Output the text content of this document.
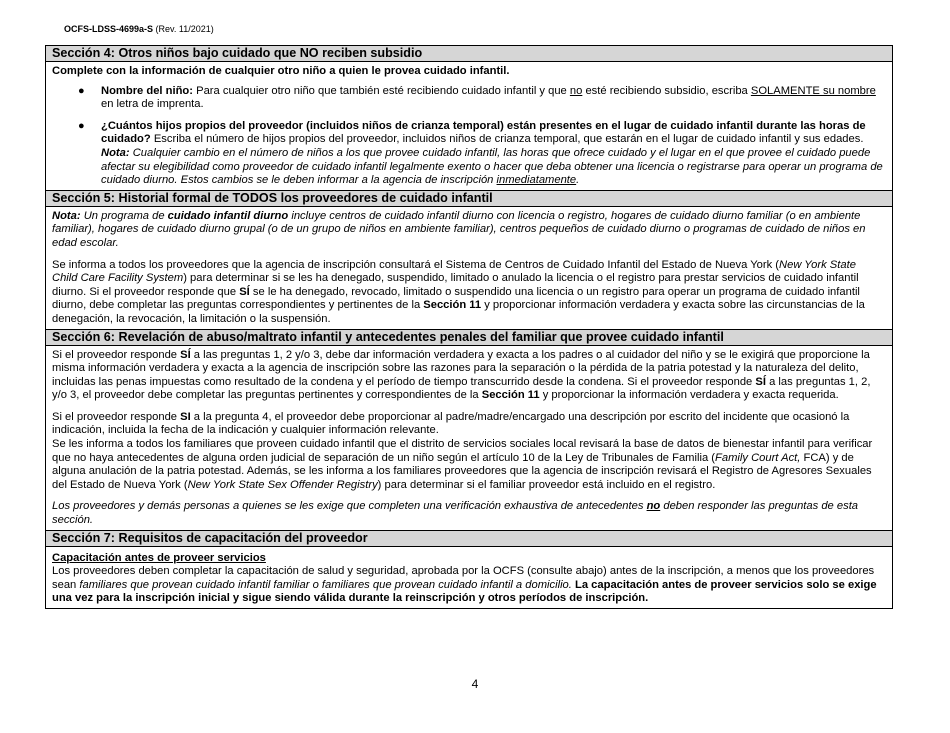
OCFS-LDSS-4699a-S (Rev. 11/2021)
Sección 4: Otros niños bajo cuidado que NO reciben subsidio

Complete con la información de cualquier otro niño a quien le provea cuidado infantil.

● Nombre del niño: Para cualquier otro niño que también esté recibiendo cuidado infantil y que no esté recibiendo subsidio, escriba SOLAMENTE su nombre en letra de imprenta.
● ¿Cuántos hijos propios del proveedor (incluidos niños de crianza temporal) están presentes en el lugar de cuidado infantil durante las horas de cuidado? Escriba el número de hijos propios del proveedor, incluidos niños de crianza temporal, que estarán en el lugar de cuidado infantil y sus edades.

Nota: Cualquier cambio en el número de niños a los que provee cuidado infantil, las horas que ofrece cuidado y el lugar en el que provee el cuidado puede afectar su elegibilidad como proveedor de cuidado infantil legalmente exento o hacer que deba obtener una licencia o registrarse para operar un programa de cuidado diurno. Estos cambios se le deben informar a la agencia de inscripción inmediatamente.

Sección 5: Historial formal de TODOS los proveedores de cuidado infantil

Nota: Un programa de cuidado infantil diurno incluye centros de cuidado infantil diurno con licencia o registro, hogares de cuidado diurno familiar (o en ambiente familiar), hogares de cuidado diurno grupal (o de un grupo de niños en ambiente familiar), centros pequeños de cuidado diurno o programas de cuidado de niños en edad escolar.

Se informa a todos los proveedores que la agencia de inscripción consultará el Sistema de Centros de Cuidado Infantil del Estado de Nueva York (New York State Child Care Facility System) para determinar si se les ha denegado, suspendido, limitado o anulado la licencia o el registro para prestar servicios de cuidado infantil diurno. Si el proveedor responde que SÍ se le ha denegado, revocado, limitado o suspendido una licencia o un registro para operar un programa de cuidado infantil diurno, debe completar las preguntas correspondientes y pertinentes de la Sección 11 y proporcionar información verdadera y exacta sobre las circunstancias de la denegación, la revocación, la limitación o la suspensión.

Sección 6: Revelación de abuso/maltrato infantil y antecedentes penales del familiar que provee cuidado infantil

Si el proveedor responde SÍ a las preguntas 1, 2 y/o 3, debe dar información verdadera y exacta a los padres o al cuidador del niño y se le exigirá que proporcione la misma información verdadera y exacta a la agencia de inscripción sobre las razones para la separación o la pérdida de la patria potestad y la naturaleza del delito, incluidas las penas impuestas como resultado de la condena y el período de tiempo transcurrido desde la condena. Si el proveedor responde SÍ a las preguntas 1, 2, y/o 3, el proveedor debe completar las preguntas pertinentes y correspondientes de la Sección 11 y proporcionar la información verdadera y exacta requerida.

Si el proveedor responde SI a la pregunta 4, el proveedor debe proporcionar al padre/madre/encargado una descripción por escrito del incidente que ocasionó la indicación, incluida la fecha de la indicación y cualquier información relevante.

Se les informa a todos los familiares que proveen cuidado infantil que el distrito de servicios sociales local revisará la base de datos de bienestar infantil para verificar que no haya antecedentes de alguna orden judicial de separación de un niño según el artículo 10 de la Ley de Tribunales de Familia (Family Court Act, FCA) y de alguna anulación de la patria potestad. Además, se les informa a los familiares proveedores que la agencia de inscripción revisará el Registro de Agresores Sexuales del Estado de Nueva York (New York State Sex Offender Registry) para determinar si el familiar proveedor está incluido en el registro.

Los proveedores y demás personas a quienes se les exige que completen una verificación exhaustiva de antecedentes no deben responder las preguntas de esta sección.

Sección 7: Requisitos de capacitación del proveedor

Capacitación antes de proveer servicios

Los proveedores deben completar la capacitación de salud y seguridad, aprobada por la OCFS (consulte abajo) antes de la inscripción, a menos que los proveedores sean familiares que provean cuidado infantil familiar o familiares que provean cuidado infantil a domicilio. La capacitación antes de proveer servicios solo se exige una vez para la inscripción inicial y sigue siendo válida durante la reinscripción y otros períodos de inscripción.

4
